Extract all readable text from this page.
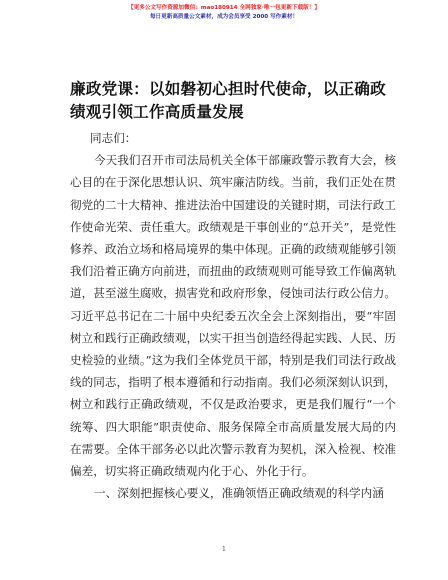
【更多公文写作资源加微信：mao180914 全网独家·唯一包更新下载版！】
每日更新高质量公文素材，成为会员享受 2000 写作素材！
廉政党课：以如磐初心担时代使命，以正确政绩观引领工作高质量发展

同志们：

今天我们召开市司法局机关全体干部廉政警示教育大会，核心目的在于深化思想认识、筑牢廉洁防线。当前，我们正处在贯彻党的二十大精神、推进法治中国建设的关键时期，司法行政工作使命光荣、责任重大。政绩观是干事创业的“总开关”，是党性修养、政治立场和格局境界的集中体现。正确的政绩观能够引领我们沿着正确方向前进，而扭曲的政绩观则可能导致工作偏离轨道，甚至滋生腐败，损害党和政府形象，侵蚀司法行政公信力。习近平总书记在二十届中央纪委五次全会上深刻指出，要“牢固树立和践行正确政绩观，以实干担当创造经得起实践、人民、历史检验的业绩。”这为我们全体党员干部，特别是我们司法行政战线的同志，指明了根本遵循和行动指南。我们必须深刻认识到，树立和践行正确政绩观，不仅是政治要求，更是我们履行“一个统筹、四大职能”职责使命、服务保障全市高质量发展大局的内在需要。全体干部务必以此次警示教育为契机，深入检视、校准偏差，切实将正确政绩观内化于心、外化于行。

一、深刻把握核心要义，准确领悟正确政绩观的科学内涵

1
